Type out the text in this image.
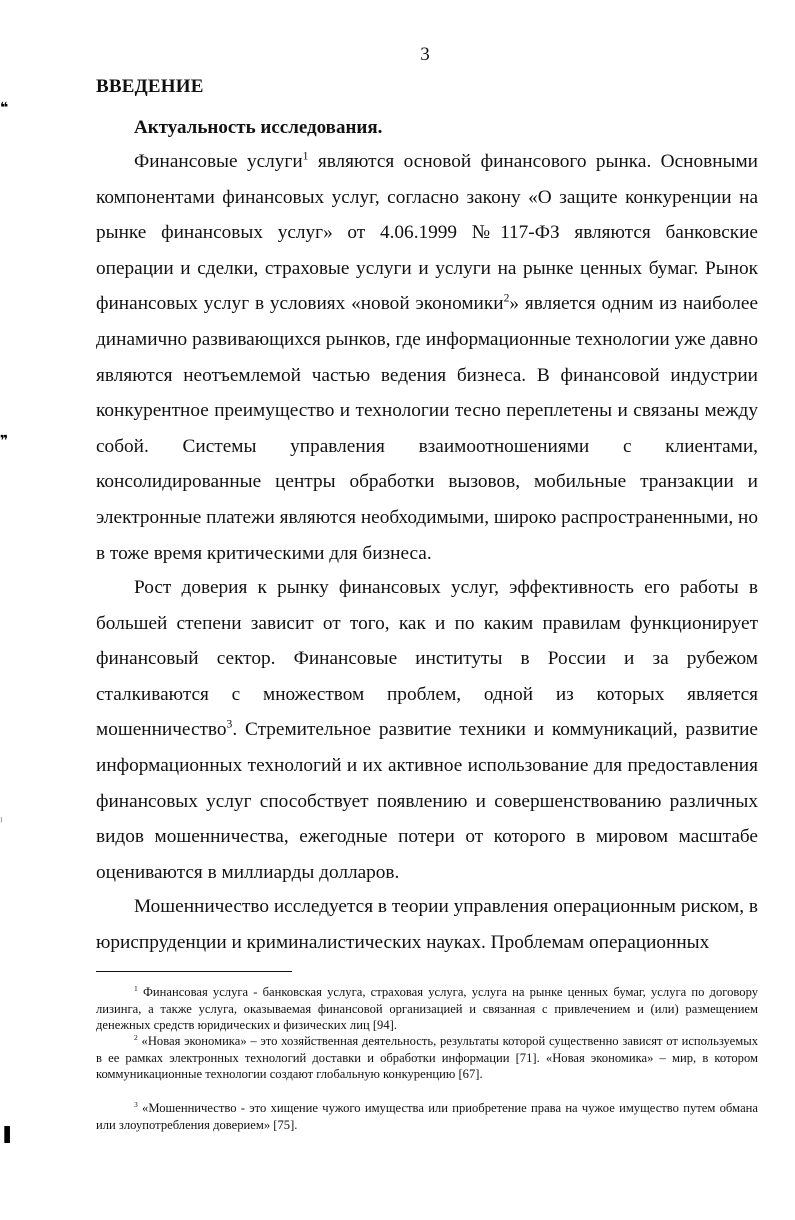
3
ВВЕДЕНИЕ
Актуальность исследования.

Финансовые услуги$^1$ являются основой финансового рынка. Основными компонентами финансовых услуг, согласно закону «О защите конкуренции на рынке финансовых услуг» от 4.06.1999 №117-ФЗ являются банковские операции и сделки, страховые услуги и услуги на рынке ценных бумаг. Рынок финансовых услуг в условиях «новой экономики$^2$» является одним из наиболее динамично развивающихся рынков, где информационные технологии уже давно являются неотъемлемой частью ведения бизнеса. В финансовой индустрии конкурентное преимущество и технологии тесно переплетены и связаны между собой. Системы управления взаимоотношениями с клиентами, консолидированные центры обработки вызовов, мобильные транзакции и электронные платежи являются необходимыми, широко распространенными, но в тоже время критическими для бизнеса.

Рост доверия к рынку финансовых услуг, эффективность его работы в большей степени зависит от того, как и по каким правилам функционирует финансовый сектор. Финансовые институты в России и за рубежом сталкиваются с множеством проблем, одной из которых является мошенничество$^3$. Стремительное развитие техники и коммуникаций, развитие информационных технологий и их активное использование для предоставления финансовых услуг способствует появлению и совершенствованию различных видов мошенничества, ежегодные потери от которого в мировом масштабе оцениваются в миллиарды долларов.

Мошенничество исследуется в теории управления операционным риском, в юриспруденции и криминалистических науках. Проблемам операционных

$^1$ Финансовая услуга - банковская услуга, страховая услуга, услуга на рынке ценных бумаг, услуга по договору лизинга, а также услуга, оказываемая финансовой организацией и связанная с привлечением и (или) размещением денежных средств юридических и физических лиц [94].

$^2$ «Новая экономика» – это хозяйственная деятельность, результаты которой существенно зависят от используемых в ее рамках электронных технологий доставки и обработки информации [71]. «Новая экономика» – мир, в котором коммуникационные технологии создают глобальную конкуренцию [67].

$^3$ «Мошенничество - это хищение чужого имущества или приобретение права на чужое имущество путем обмана или злоупотребления доверием» [75].

❝
❞
⁾
❚
